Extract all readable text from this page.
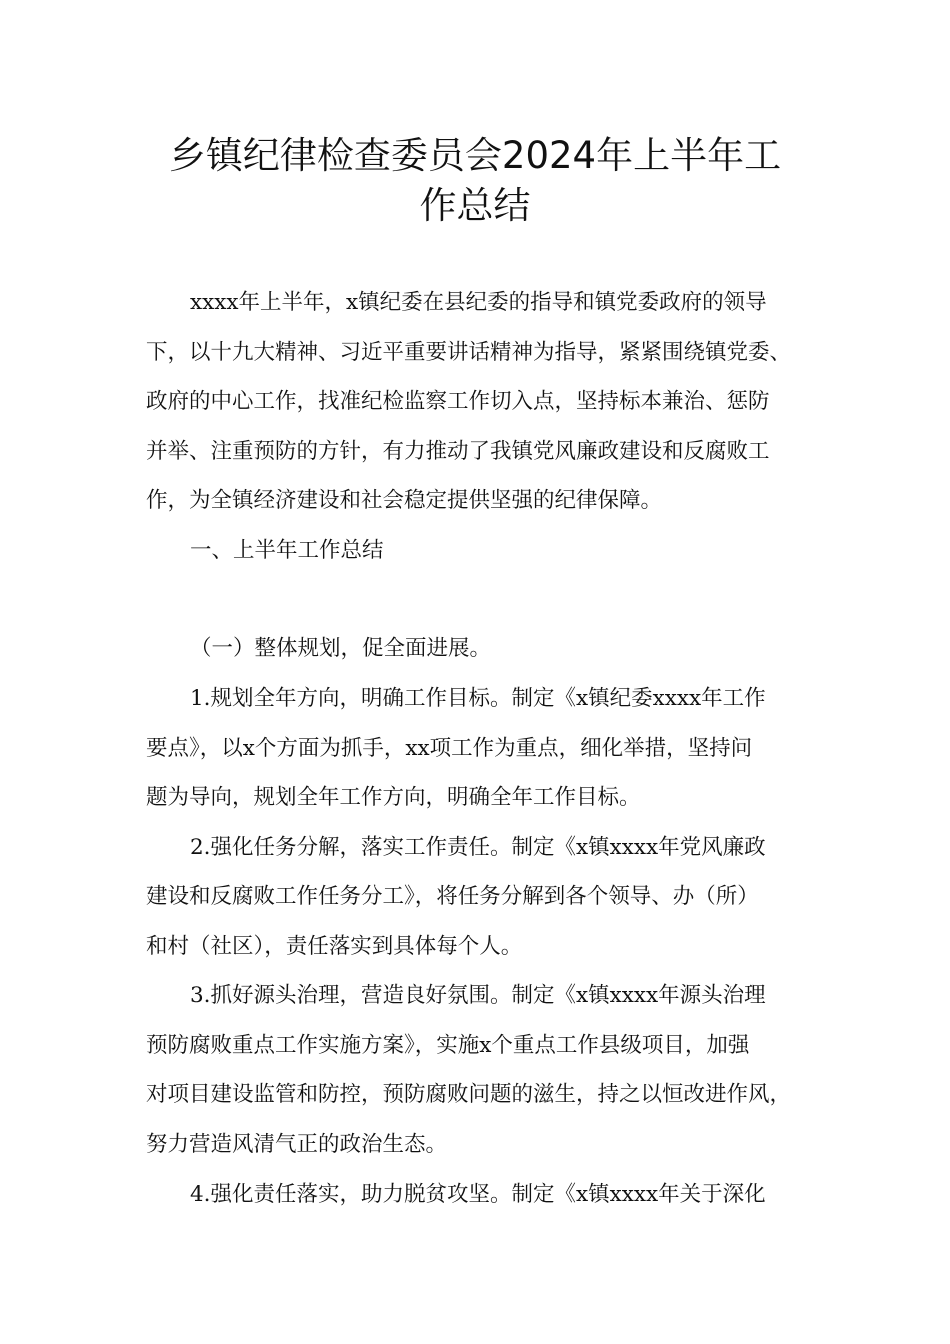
乡镇纪律检查委员会2024年上半年工
作总结
xxxx年上半年，x镇纪委在县纪委的指导和镇党委政府的领导
下，以十九大精神、习近平重要讲话精神为指导，紧紧围绕镇党委、
政府的中心工作，找准纪检监察工作切入点，坚持标本兼治、惩防
并举、注重预防的方针，有力推动了我镇党风廉政建设和反腐败工
作，为全镇经济建设和社会稳定提供坚强的纪律保障。
一、上半年工作总结
（一）整体规划，促全面进展。
1.规划全年方向，明确工作目标。制定《x镇纪委xxxx年工作
要点》，以x个方面为抓手，xx项工作为重点，细化举措，坚持问
题为导向，规划全年工作方向，明确全年工作目标。
2.强化任务分解，落实工作责任。制定《x镇xxxx年党风廉政
建设和反腐败工作任务分工》，将任务分解到各个领导、办（所）
和村（社区），责任落实到具体每个人。
3.抓好源头治理，营造良好氛围。制定《x镇xxxx年源头治理
预防腐败重点工作实施方案》，实施x个重点工作县级项目，加强
对项目建设监管和防控，预防腐败问题的滋生，持之以恒改进作风，
努力营造风清气正的政治生态。
4.强化责任落实，助力脱贫攻坚。制定《x镇xxxx年关于深化
